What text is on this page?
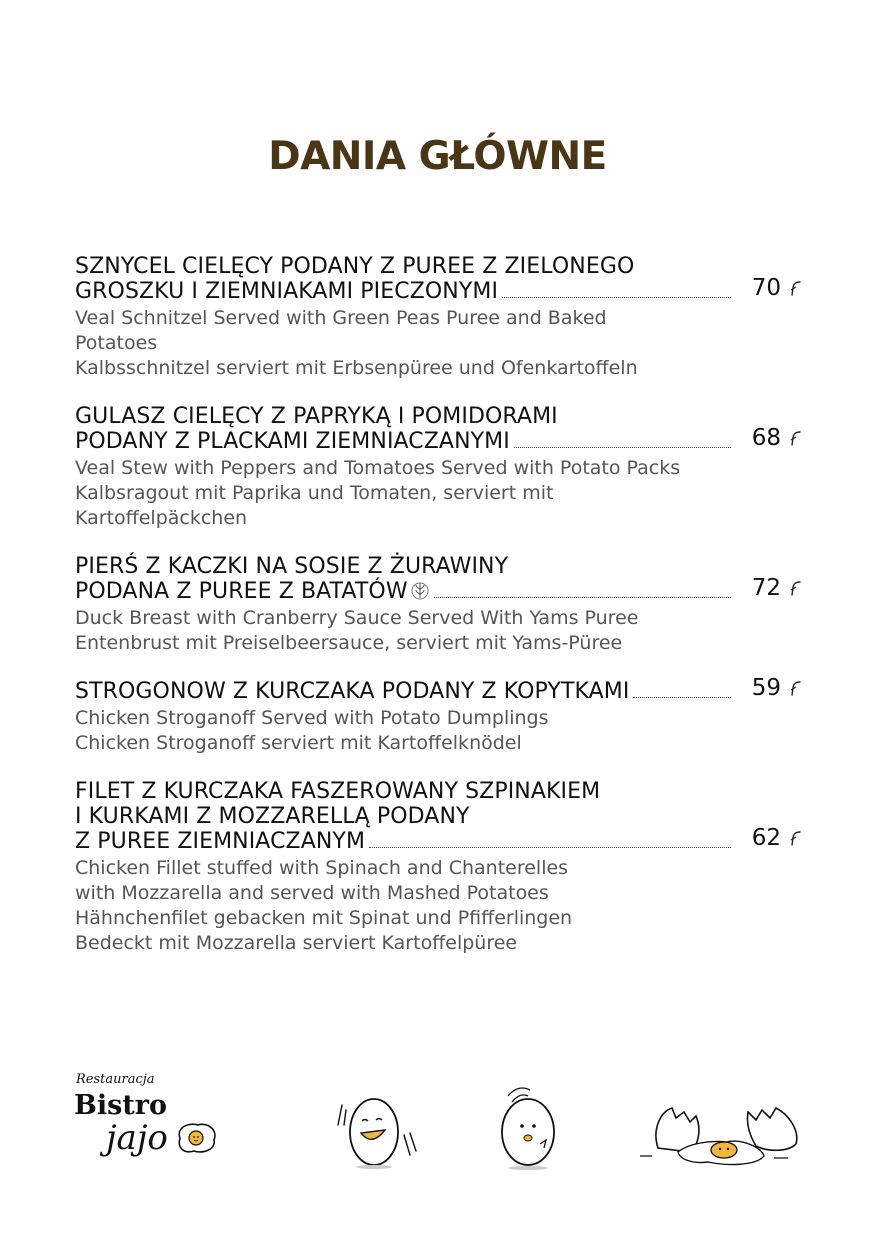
DANIA GŁÓWNE
SZNYCEL CIELĘCY PODANY Z PUREE Z ZIELONEGO
GROSZKU I ZIEMNIAKAMI PIECZONYMI	70
Veal Schnitzel Served with Green Peas Puree and Baked
Potatoes
Kalbsschnitzel serviert mit Erbsenpüree und Ofenkartoffeln
GULASZ CIELĘCY Z PAPRYKĄ I POMIDORAMI
PODANY Z PLACKAMI ZIEMNIACZANYMI	68
Veal Stew with Peppers and Tomatoes Served with Potato Packs
Kalbsragout mit Paprika und Tomaten, serviert mit
Kartoffelpäckchen
PIERŚ Z KACZKI NA SOSIE Z ŻURAWINY
PODANA Z PUREE Z BATATÓW	72
Duck Breast with Cranberry Sauce Served With Yams Puree
Entenbrust mit Preiselbeersauce, serviert mit Yams-Püree
STROGONOW Z KURCZAKA PODANY Z KOPYTKAMI	59
Chicken Stroganoff Served with Potato Dumplings
Chicken Stroganoff serviert mit Kartoffelknödel
FILET Z KURCZAKA FASZEROWANY SZPINAKIEM
I KURKAMI Z MOZZARELLĄ PODANY
Z PUREE ZIEMNIACZANYM	62
Chicken Fillet stuffed with Spinach and Chanterelles
with Mozzarella and served with Mashed Potatoes
Hähnchenfilet gebacken mit Spinat und Pfifferlingen
Bedeckt mit Mozzarella serviert Kartoffelpüree
Restauracja
Bistro
jajo
